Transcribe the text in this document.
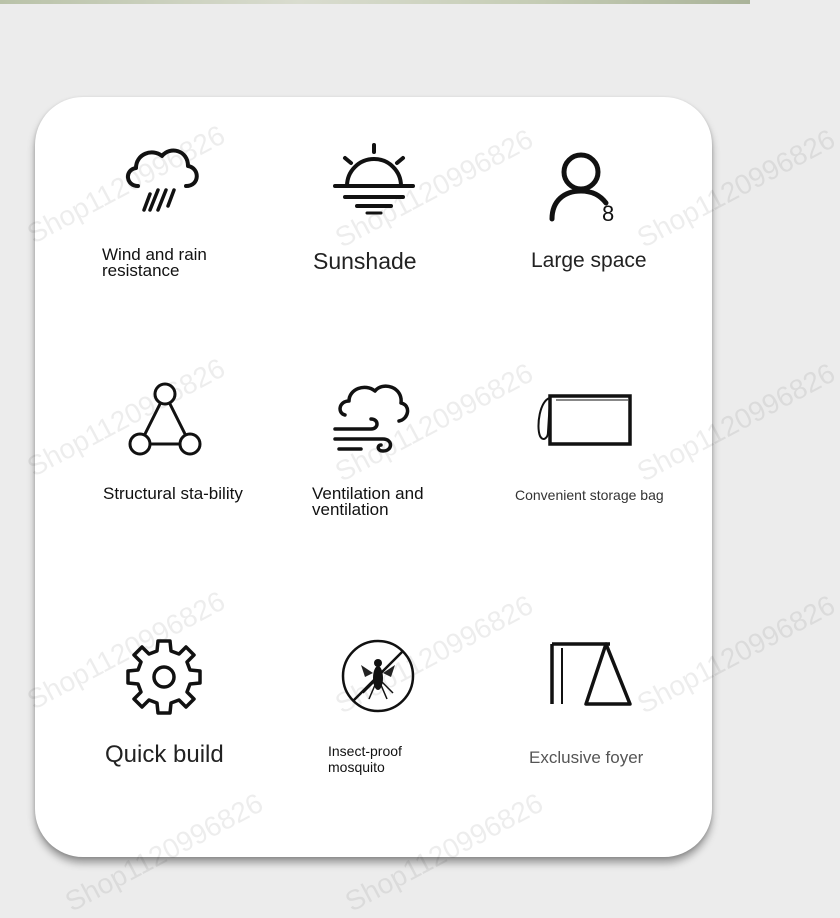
Shop1120996826
Shop1120996826
Shop1120996826
Wind and rain resistance	Sunshade
8
Large space
Structural sta-bility	Ventilation and ventilation
Convenient storage bag
Quick build	Insect-proof mosquito	Exclusive foyer
